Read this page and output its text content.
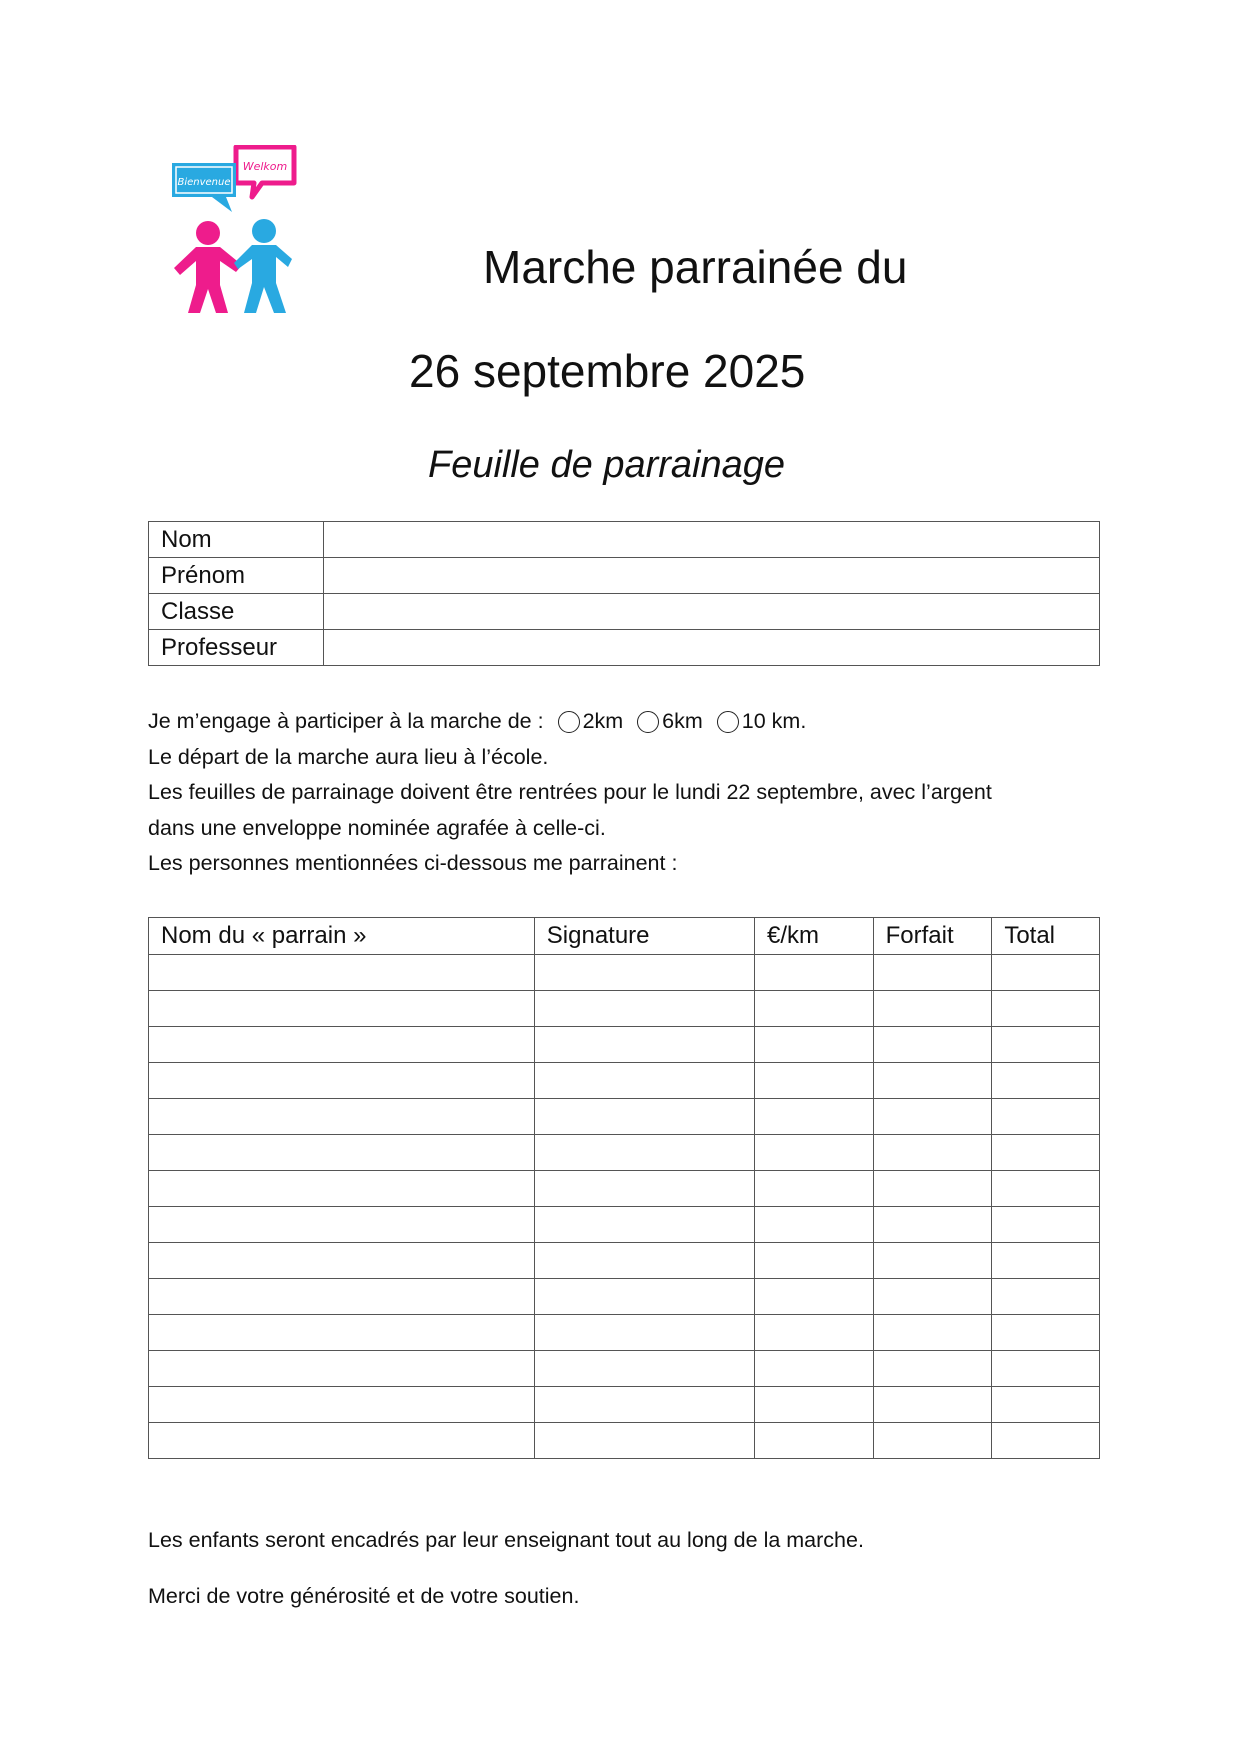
Welkom
Bienvenue
Marche parrainée du
26 septembre 2025
Feuille de parrainage
Nom	
Prénom	
Classe	
Professeur	
Je m’engage à participer à la marche de : 2km 6km 10 km.
Le départ de la marche aura lieu à l’école.
Les feuilles de parrainage doivent être rentrées pour le lundi 22 septembre, avec l’argent
dans une enveloppe nominée agrafée à celle-ci.
Les personnes mentionnées ci-dessous me parrainent :
Nom du « parrain »	Signature	€/km	Forfait	Total

Les enfants seront encadrés par leur enseignant tout au long de la marche.
Merci de votre générosité et de votre soutien.
